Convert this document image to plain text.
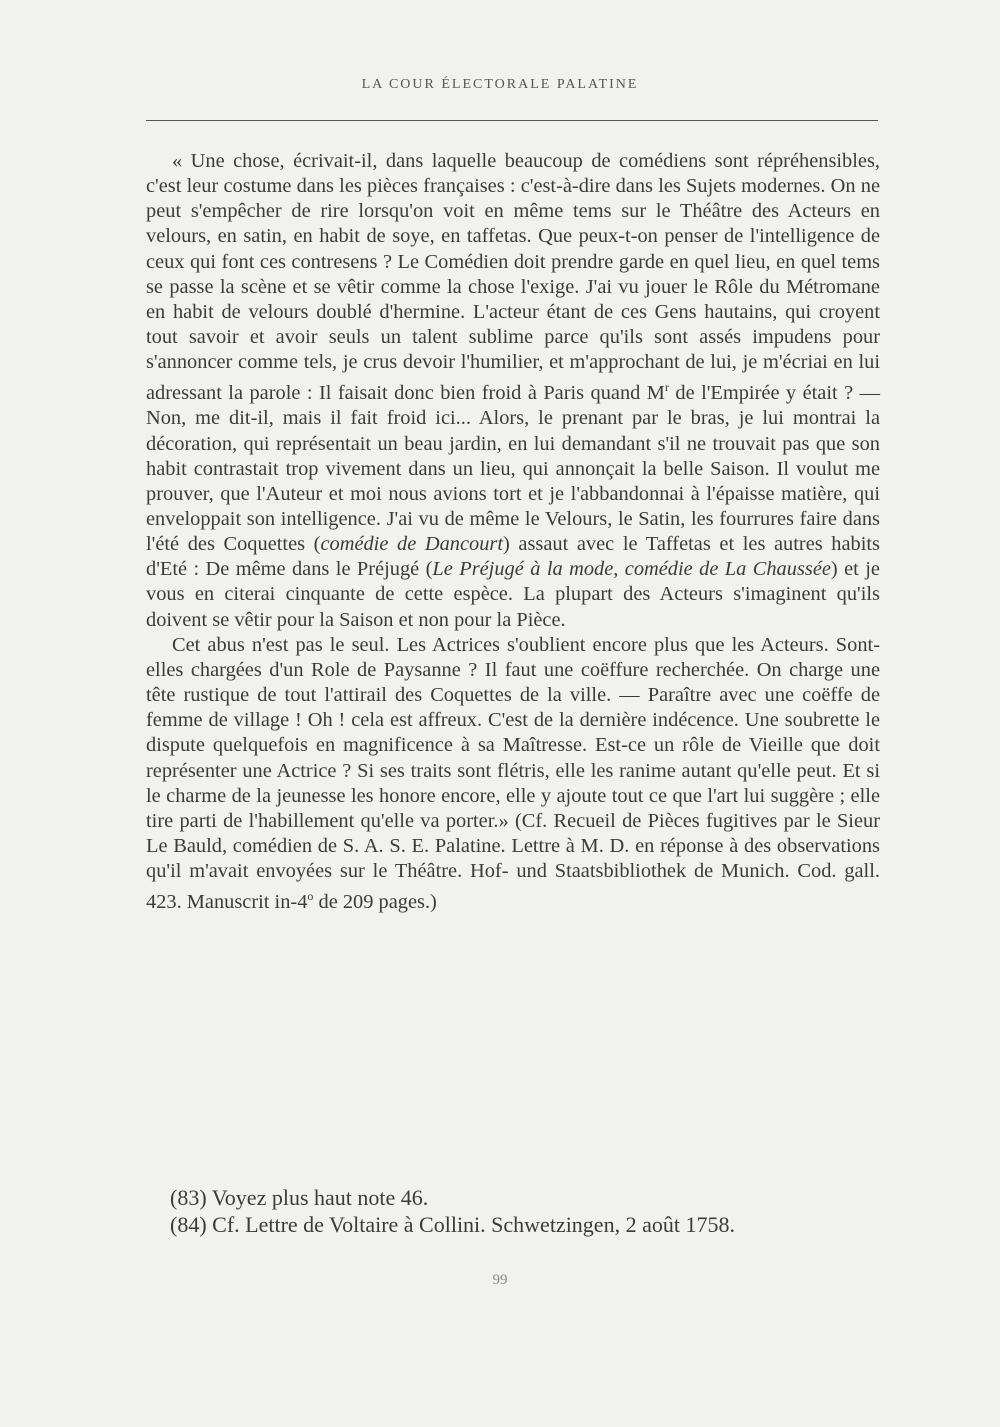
LA COUR ÉLECTORALE PALATINE

« Une chose, écrivait-il, dans laquelle beaucoup de comédiens sont répréhensibles, c'est leur costume dans les pièces françaises : c'est-à-dire dans les Sujets modernes. On ne peut s'empêcher de rire lorsqu'on voit en même tems sur le Théâtre des Acteurs en velours, en satin, en habit de soye, en taffetas. Que peux-t-on penser de l'intelligence de ceux qui font ces contresens ? Le Comédien doit prendre garde en quel lieu, en quel tems se passe la scène et se vêtir comme la chose l'exige. J'ai vu jouer le Rôle du Métromane en habit de velours doublé d'hermine. L'acteur étant de ces Gens hautains, qui croyent tout savoir et avoir seuls un talent sublime parce qu'ils sont assés impudens pour s'annoncer comme tels, je crus devoir l'humilier, et m'approchant de lui, je m'écriai en lui adressant la parole : Il faisait donc bien froid à Paris quand $M^r$ de l'Empirée y était ? — Non, me dit-il, mais il fait froid ici... Alors, le prenant par le bras, je lui montrai la décoration, qui représentait un beau jardin, en lui demandant s'il ne trouvait pas que son habit contrastait trop vivement dans un lieu, qui annonçait la belle Saison. Il voulut me prouver, que l'Auteur et moi nous avions tort et je l'abbandonnai à l'épaisse matière, qui enveloppait son intelligence. J'ai vu de même le Velours, le Satin, les fourrures faire dans l'été des Coquettes (comédie de Dancourt) assaut avec le Taffetas et les autres habits d'Eté : De même dans le Préjugé (Le Préjugé à la mode, comédie de La Chaussée) et je vous en citerai cinquante de cette espèce. La plupart des Acteurs s'imaginent qu'ils doivent se vêtir pour la Saison et non pour la Pièce.

Cet abus n'est pas le seul. Les Actrices s'oublient encore plus que les Acteurs. Sont-elles chargées d'un Role de Paysanne ? Il faut une coëffure recherchée. On charge une tête rustique de tout l'attirail des Coquettes de la ville. — Paraître avec une coëffe de femme de village ! Oh ! cela est affreux. C'est de la dernière indécence. Une soubrette le dispute quelquefois en magnificence à sa Maîtresse. Est-ce un rôle de Vieille que doit représenter une Actrice ? Si ses traits sont flétris, elle les ranime autant qu'elle peut. Et si le charme de la jeunesse les honore encore, elle y ajoute tout ce que l'art lui suggère ; elle tire parti de l'habillement qu'elle va porter.» (Cf. Recueil de Pièces fugitives par le Sieur Le Bauld, comédien de S. A. S. E. Palatine. Lettre à M. D. en réponse à des observations qu'il m'avait envoyées sur le Théâtre. Hof- und Staatsbibliothek de Munich. Cod. gall. 423. Manuscrit in-4$^o$ de 209 pages.)

(83) Voyez plus haut note 46.
(84) Cf. Lettre de Voltaire à Collini. Schwetzingen, 2 août 1758.
99
